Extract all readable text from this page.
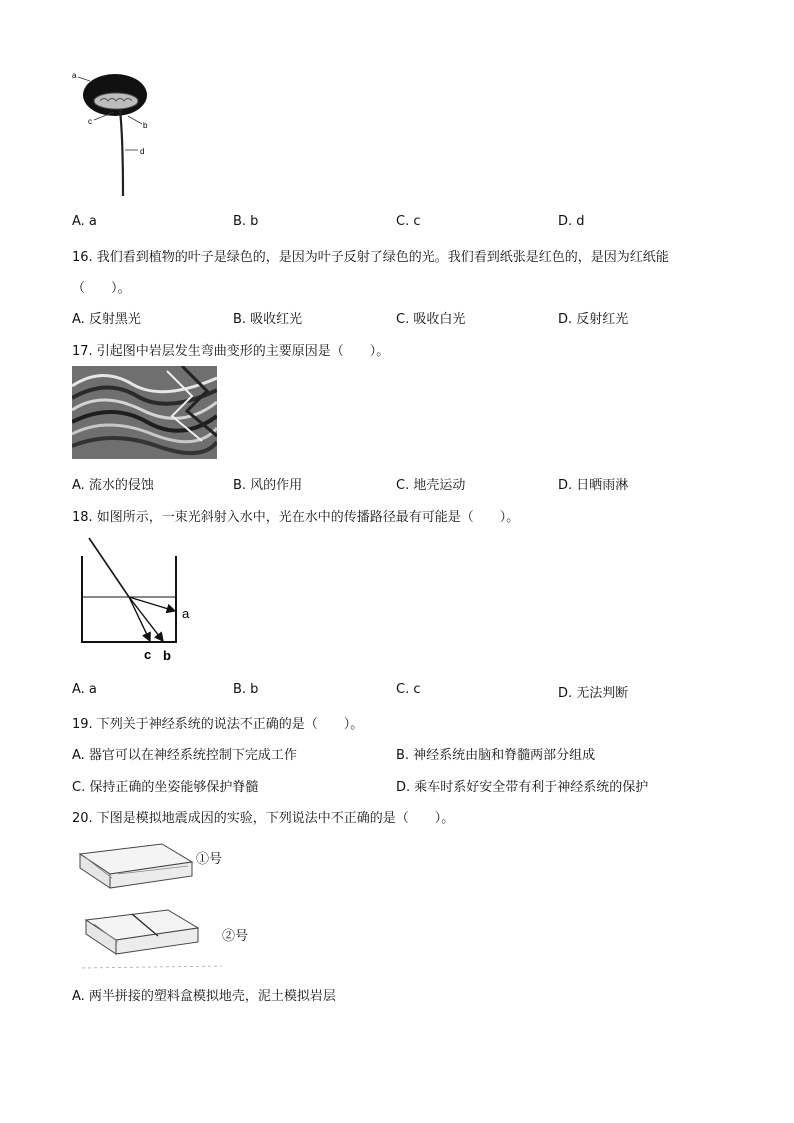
a
c	b
d
A. a	B. b	C. c	D. d
16. 我们看到植物的叶子是绿色的，是因为叶子反射了绿色的光。我们看到纸张是红色的，是因为红纸能
（　　）。
A. 反射黑光	B. 吸收红光	C. 吸收白光	D. 反射红光
17. 引起图中岩层发生弯曲变形的主要原因是（　　）。
A. 流水的侵蚀	B. 风的作用	C. 地壳运动	D. 日晒雨淋
18. 如图所示，一束光斜射入水中，光在水中的传播路径最有可能是（　　）。
a
c b
A. a	B. b	C. c	D. 无法判断
19. 下列关于神经系统的说法不正确的是（　　）。
A. 器官可以在神经系统控制下完成工作	B. 神经系统由脑和脊髓两部分组成
C. 保持正确的坐姿能够保护脊髓	D. 乘车时系好安全带有利于神经系统的保护
20. 下图是模拟地震成因的实验，下列说法中不正确的是（　　）。
①号
②号
A. 两半拼接的塑料盒模拟地壳，泥土模拟岩层
